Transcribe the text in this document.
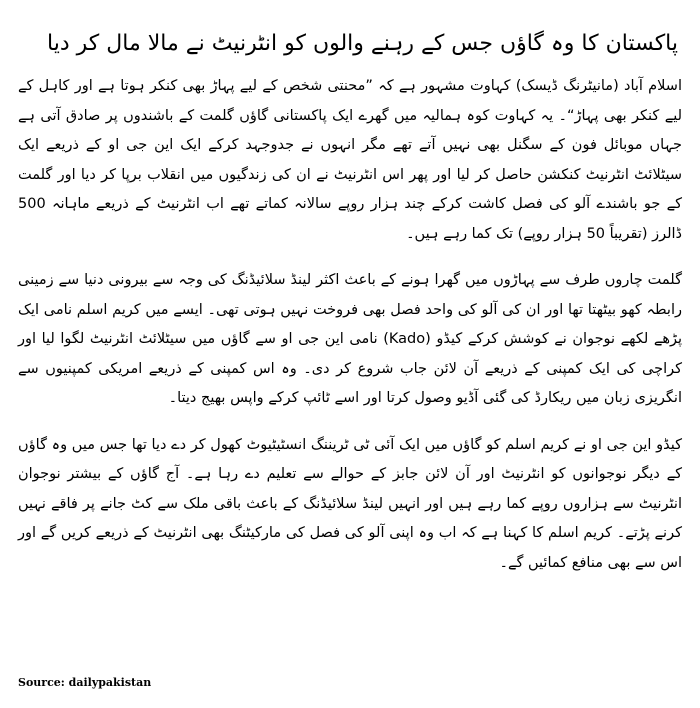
پاکستان کا وہ گاؤں جس کے رہنے والوں کو انٹرنیٹ نے مالا مال کر دیا

اسلام آباد (مانیٹرنگ ڈیسک) کہاوت مشہور ہے کہ ”محنتی شخص کے لیے پہاڑ بھی کنکر ہوتا ہے اور کاہل کے لیے کنکر بھی پہاڑ“۔ یہ کہاوت کوہ ہمالیہ میں گھرے ایک پاکستانی گاؤں گلمت کے باشندوں پر صادق آتی ہے جہاں موبائل فون کے سگنل بھی نہیں آتے تھے مگر انہوں نے جدوجہد کرکے ایک این جی او کے ذریعے ایک سیٹلائٹ انٹرنیٹ کنکشن حاصل کر لیا اور پھر اس انٹرنیٹ نے ان کی زندگیوں میں انقلاب برپا کر دیا اور گلمت کے جو باشندے آلو کی فصل کاشت کرکے چند ہزار روپے سالانہ کماتے تھے اب انٹرنیٹ کے ذریعے ماہانہ 500 ڈالرز (تقریباً 50 ہزار روپے) تک کما رہے ہیں۔

گلمت چاروں طرف سے پہاڑوں میں گھرا ہونے کے باعث اکثر لینڈ سلائیڈنگ کی وجہ سے بیرونی دنیا سے زمینی رابطہ کھو بیٹھتا تھا اور ان کی آلو کی واحد فصل بھی فروخت نہیں ہوتی تھی۔ ایسے میں کریم اسلم نامی ایک پڑھے لکھے نوجوان نے کوشش کرکے کیڈو (Kado) نامی این جی او سے گاؤں میں سیٹلائٹ انٹرنیٹ لگوا لیا اور کراچی کی ایک کمپنی کے ذریعے آن لائن جاب شروع کر دی۔ وہ اس کمپنی کے ذریعے امریکی کمپنیوں سے انگریزی زبان میں ریکارڈ کی گئی آڈیو وصول کرتا اور اسے ٹائپ کرکے واپس بھیج دیتا۔

کیڈو این جی او نے کریم اسلم کو گاؤں میں ایک آئی ٹی ٹریننگ انسٹیٹیوٹ کھول کر دے دیا تھا جس میں وہ گاؤں کے دیگر نوجوانوں کو انٹرنیٹ اور آن لائن جابز کے حوالے سے تعلیم دے رہا ہے۔ آج گاؤں کے بیشتر نوجوان انٹرنیٹ سے ہزاروں روپے کما رہے ہیں اور انہیں لینڈ سلائیڈنگ کے باعث باقی ملک سے کٹ جانے پر فاقے نہیں کرنے پڑتے۔ کریم اسلم کا کہنا ہے کہ اب وہ اپنی آلو کی فصل کی مارکیٹنگ بھی انٹرنیٹ کے ذریعے کریں گے اور اس سے بھی منافع کمائیں گے۔

Source: dailypakistan
